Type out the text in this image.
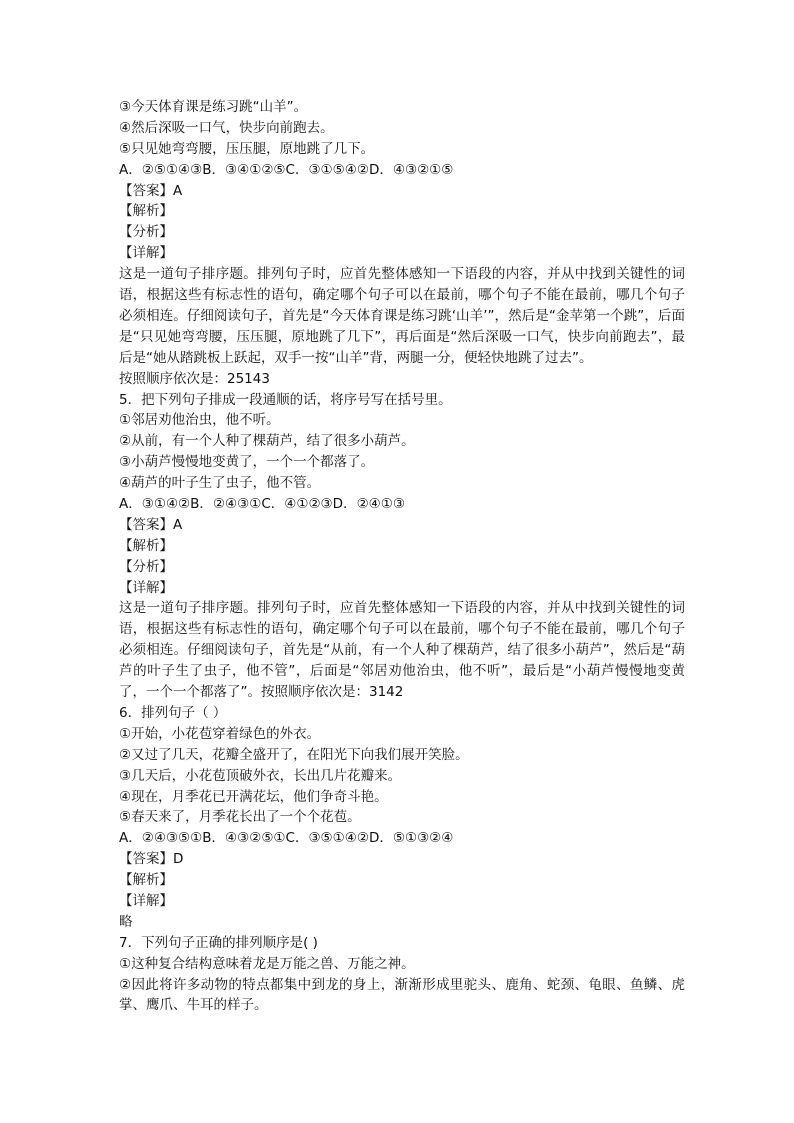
③今天体育课是练习跳“山羊”。
④然后深吸一口气，快步向前跑去。
⑤只见她弯弯腰，压压腿，原地跳了几下。
A．②⑤①④③ B．③④①②⑤ C．③①⑤④② D．④③②①⑤
【答案】A
【解析】
【分析】
【详解】
这是一道句子排序题。排列句子时，应首先整体感知一下语段的内容，并从中找到关键性的词语，根据这些有标志性的语句，确定哪个句子可以在最前，哪个句子不能在最前，哪几个句子必须相连。仔细阅读句子，首先是“今天体育课是练习跳‘山羊’”，然后是“金苹第一个跳”，后面是“只见她弯弯腰，压压腿，原地跳了几下”，再后面是“然后深吸一口气，快步向前跑去”，最后是“她从踏跳板上跃起，双手一按“山羊”背，两腿一分，便轻快地跳了过去”。
按照顺序依次是：25143
5．把下列句子排成一段通顺的话，将序号写在括号里。
①邻居劝他治虫，他不听。
②从前，有一个人种了棵葫芦，结了很多小葫芦。
③小葫芦慢慢地变黄了，一个一个都落了。
④葫芦的叶子生了虫子，他不管。
A．③①④② B．②④③① C．④①②③ D．②④①③
【答案】A
【解析】
【分析】
【详解】
这是一道句子排序题。排列句子时，应首先整体感知一下语段的内容，并从中找到关键性的词语，根据这些有标志性的语句，确定哪个句子可以在最前，哪个句子不能在最前，哪几个句子必须相连。仔细阅读句子，首先是“从前，有一个人种了棵葫芦，结了很多小葫芦”，然后是“葫芦的叶子生了虫子，他不管”，后面是“邻居劝他治虫，他不听”，最后是“小葫芦慢慢地变黄了，一个一个都落了”。按照顺序依次是：3142
6．排列句子（ ）
①开始，小花苞穿着绿色的外衣。
②又过了几天，花瓣全盛开了，在阳光下向我们展开笑脸。
③几天后，小花苞顶破外衣，长出几片花瓣来。
④现在，月季花已开满花坛，他们争奇斗艳。
⑤春天来了，月季花长出了一个个花苞。
A．②④③⑤① B．④③②⑤① C．③⑤①④② D．⑤①③②④
【答案】D
【解析】
【详解】
略
7．下列句子正确的排列顺序是( )
①这种复合结构意味着龙是万能之兽、万能之神。
②因此将许多动物的特点都集中到龙的身上，渐渐形成里驼头、鹿角、蛇颈、龟眼、鱼鳞、虎掌、鹰爪、牛耳的样子。
